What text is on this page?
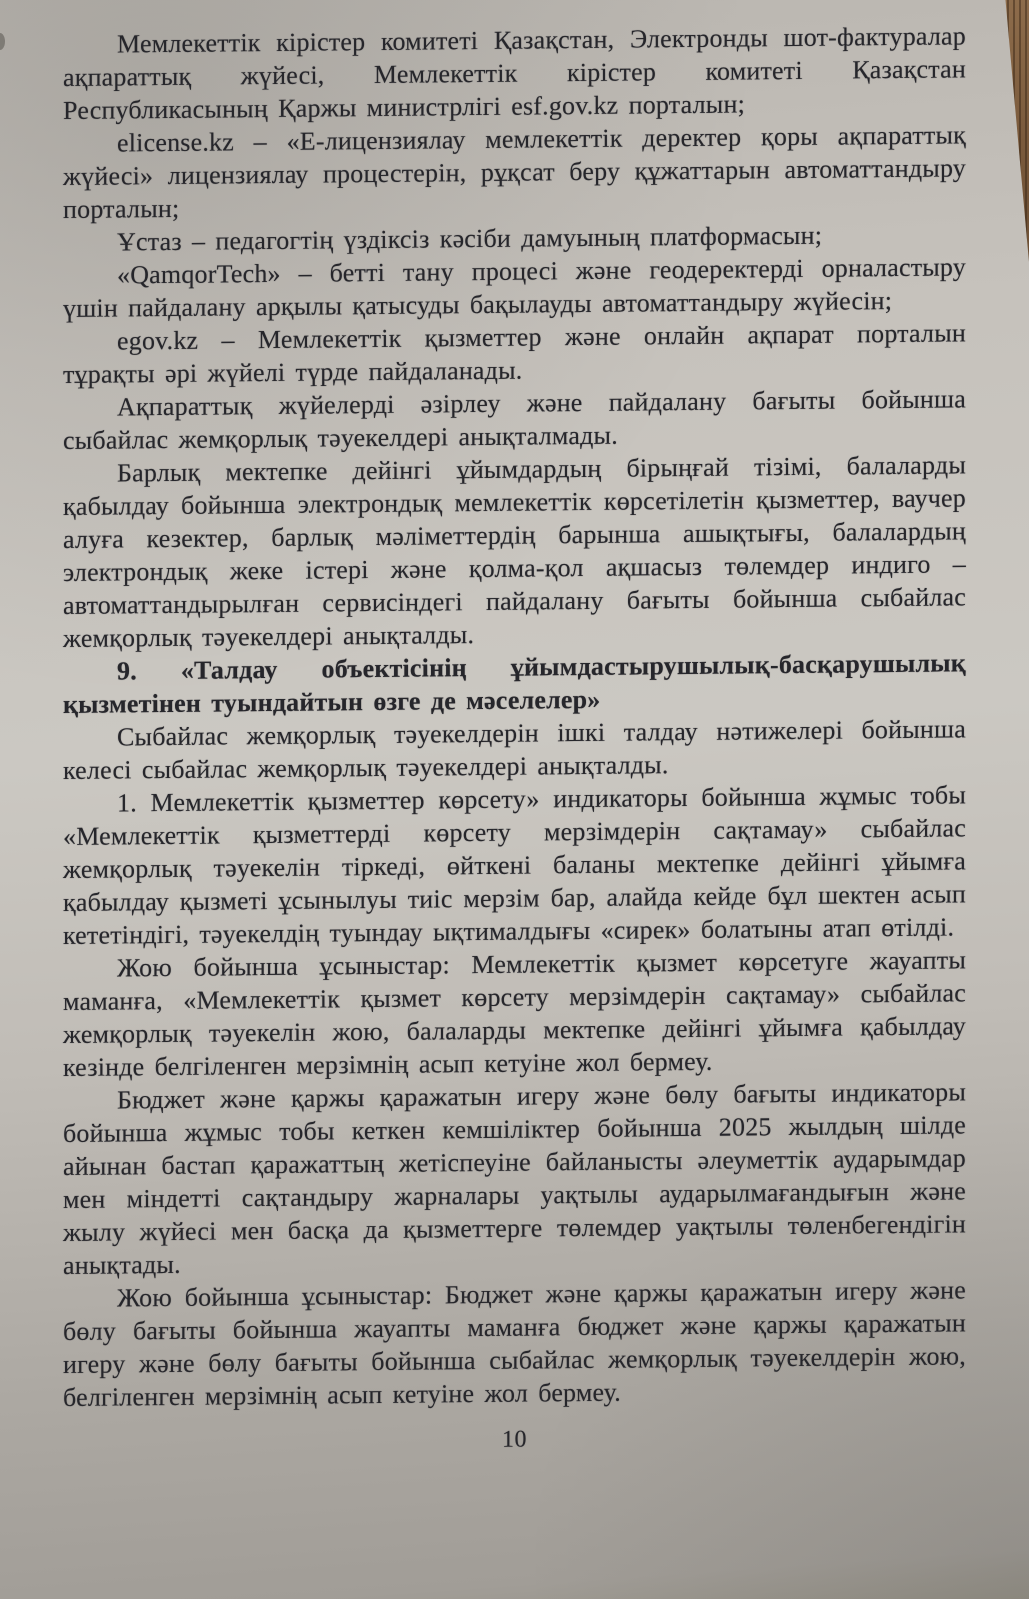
Мемлекеттік кірістер комитеті Қазақстан, Электронды шот-фактуралар ақпараттық жүйесі, Мемлекеттік кірістер комитеті Қазақстан Республикасының Қаржы министрлігі esf.gov.kz порталын;

elicense.kz – «Е-лицензиялау мемлекеттік деректер қоры ақпараттық жүйесі» лицензиялау процестерін, рұқсат беру құжаттарын автоматтандыру порталын;

Ұстаз – педагогтің үздіксіз кәсіби дамуының платформасын;

«QamqorTech» – бетті тану процесі және геодеректерді орналастыру үшін пайдалану арқылы қатысуды бақылауды автоматтандыру жүйесін;

egov.kz – Мемлекеттік қызметтер және онлайн ақпарат порталын тұрақты әрі жүйелі түрде пайдаланады.

Ақпараттық жүйелерді әзірлеу және пайдалану бағыты бойынша сыбайлас жемқорлық тәуекелдері анықталмады.

Барлық мектепке дейінгі ұйымдардың бірыңғай тізімі, балаларды қабылдау бойынша электрондық мемлекеттік көрсетілетін қызметтер, ваучер алуға кезектер, барлық мәліметтердің барынша ашықтығы, балалардың электрондық жеке істері және қолма-қол ақшасыз төлемдер индиго – автоматтандырылған сервисіндегі пайдалану бағыты бойынша сыбайлас жемқорлық тәуекелдері анықталды.

9. «Талдау объектісінің ұйымдастырушылық-басқарушылық қызметінен туындайтын өзге де мәселелер»

Сыбайлас жемқорлық тәуекелдерін ішкі талдау нәтижелері бойынша келесі сыбайлас жемқорлық тәуекелдері анықталды.

1. Мемлекеттік қызметтер көрсету» индикаторы бойынша жұмыс тобы «Мемлекеттік қызметтерді көрсету мерзімдерін сақтамау» сыбайлас жемқорлық тәуекелін тіркеді, өйткені баланы мектепке дейінгі ұйымға қабылдау қызметі ұсынылуы тиіс мерзім бар, алайда кейде бұл шектен асып кететіндігі, тәуекелдің туындау ықтималдығы «сирек» болатыны атап өтілді.

Жою бойынша ұсыныстар: Мемлекеттік қызмет көрсетуге жауапты маманға, «Мемлекеттік қызмет көрсету мерзімдерін сақтамау» сыбайлас жемқорлық тәуекелін жою, балаларды мектепке дейінгі ұйымға қабылдау кезінде белгіленген мерзімнің асып кетуіне жол бермеу.

Бюджет және қаржы қаражатын игеру және бөлу бағыты индикаторы бойынша жұмыс тобы кеткен кемшіліктер бойынша 2025 жылдың шілде айынан бастап қаражаттың жетіспеуіне байланысты әлеуметтік аударымдар мен міндетті сақтандыру жарналары уақтылы аударылмағандығын және жылу жүйесі мен басқа да қызметтерге төлемдер уақтылы төленбегендігін анықтады.

Жою бойынша ұсыныстар: Бюджет және қаржы қаражатын игеру және бөлу бағыты бойынша жауапты маманға бюджет және қаржы қаражатын игеру және бөлу бағыты бойынша сыбайлас жемқорлық тәуекелдерін жою, белгіленген мерзімнің асып кетуіне жол бермеу.

10
